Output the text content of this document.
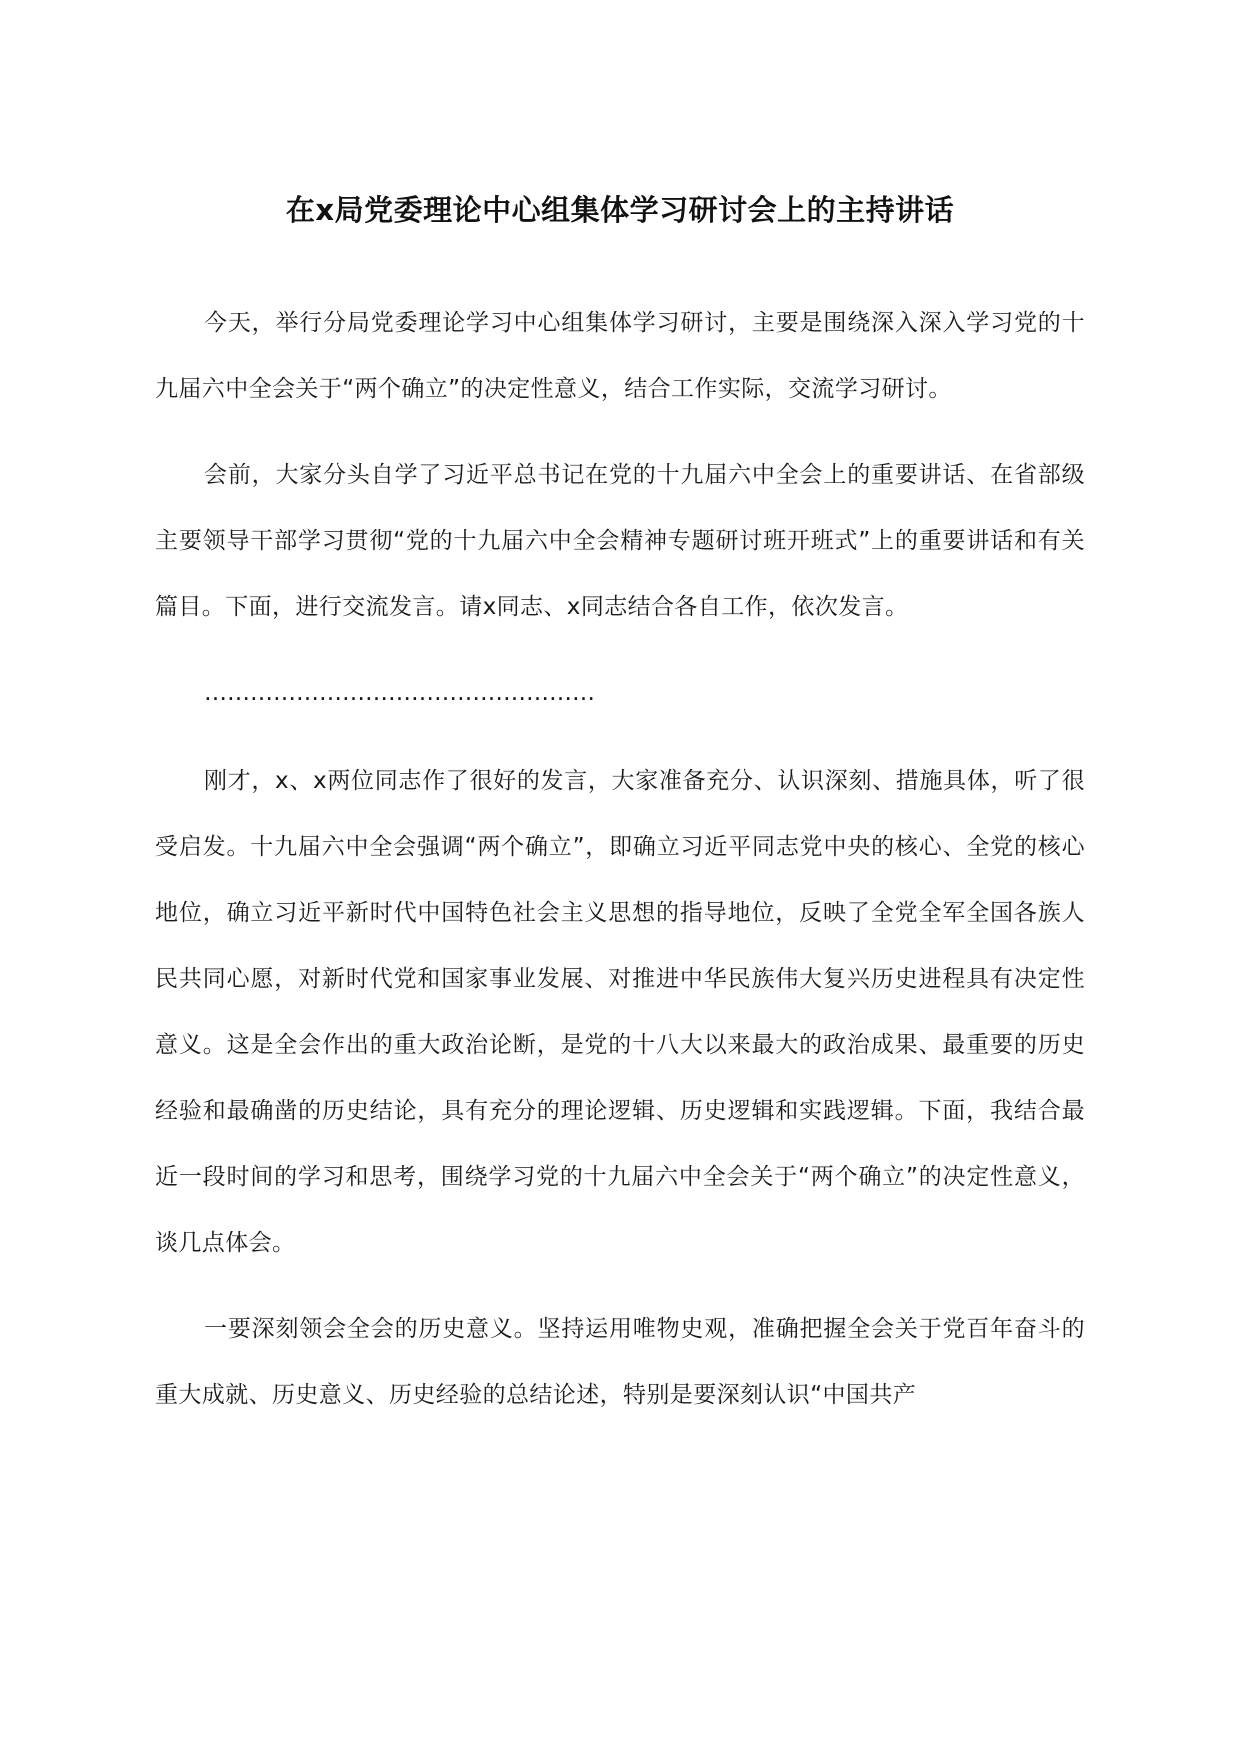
在x局党委理论中心组集体学习研讨会上的主持讲话

今天，举行分局党委理论学习中心组集体学习研讨，主要是围绕深入深入学习党的十九届六中全会关于“两个确立”的决定性意义，结合工作实际，交流学习研讨。

会前，大家分头自学了习近平总书记在党的十九届六中全会上的重要讲话、在省部级主要领导干部学习贯彻“党的十九届六中全会精神专题研讨班开班式”上的重要讲话和有关篇目。下面，进行交流发言。请x同志、x同志结合各自工作，依次发言。

……………………………………………

刚才，x、x两位同志作了很好的发言，大家准备充分、认识深刻、措施具体，听了很受启发。十九届六中全会强调“两个确立”，即确立习近平同志党中央的核心、全党的核心地位，确立习近平新时代中国特色社会主义思想的指导地位，反映了全党全军全国各族人民共同心愿，对新时代党和国家事业发展、对推进中华民族伟大复兴历史进程具有决定性意义。这是全会作出的重大政治论断，是党的十八大以来最大的政治成果、最重要的历史经验和最确凿的历史结论，具有充分的理论逻辑、历史逻辑和实践逻辑。下面，我结合最近一段时间的学习和思考，围绕学习党的十九届六中全会关于“两个确立”的决定性意义，谈几点体会。

一要深刻领会全会的历史意义。坚持运用唯物史观，准确把握全会关于党百年奋斗的重大成就、历史意义、历史经验的总结论述，特别是要深刻认识“中国共产
